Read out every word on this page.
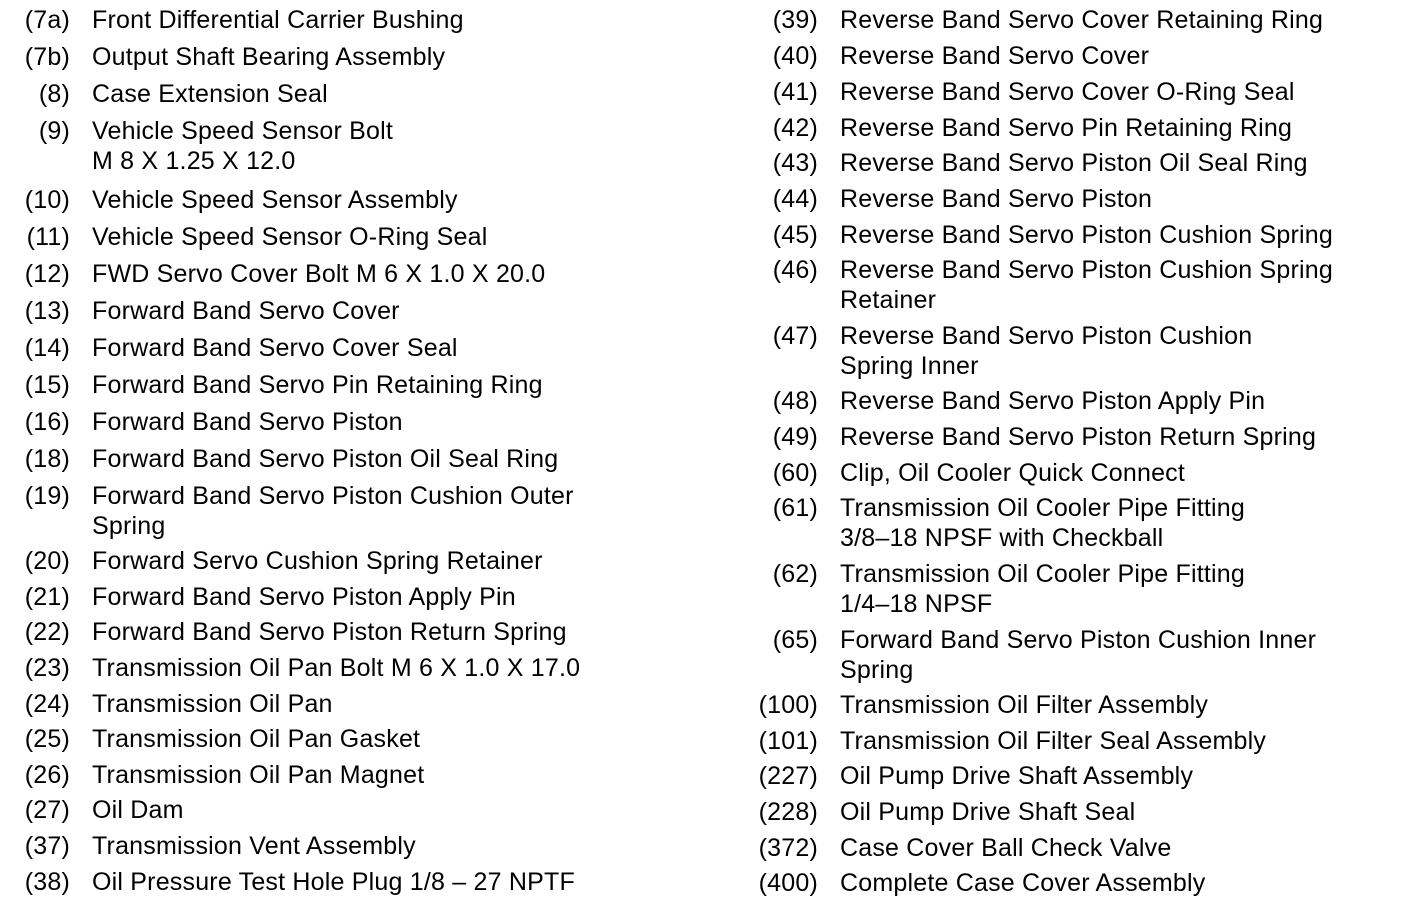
(7a) Front Differential Carrier Bushing
(7b) Output Shaft Bearing Assembly
(8) Case Extension Seal
(9) Vehicle Speed Sensor Bolt
M 8 X 1.25 X 12.0
(10) Vehicle Speed Sensor Assembly
(11) Vehicle Speed Sensor O-Ring Seal
(12) FWD Servo Cover Bolt M 6 X 1.0 X 20.0
(13) Forward Band Servo Cover
(14) Forward Band Servo Cover Seal
(15) Forward Band Servo Pin Retaining Ring
(16) Forward Band Servo Piston
(18) Forward Band Servo Piston Oil Seal Ring
(19) Forward Band Servo Piston Cushion Outer
Spring
(20) Forward Servo Cushion Spring Retainer
(21) Forward Band Servo Piston Apply Pin
(22) Forward Band Servo Piston Return Spring
(23) Transmission Oil Pan Bolt M 6 X 1.0 X 17.0
(24) Transmission Oil Pan
(25) Transmission Oil Pan Gasket
(26) Transmission Oil Pan Magnet
(27) Oil Dam
(37) Transmission Vent Assembly
(38) Oil Pressure Test Hole Plug 1/8 – 27 NPTF
(39) Reverse Band Servo Cover Retaining Ring
(40) Reverse Band Servo Cover
(41) Reverse Band Servo Cover O-Ring Seal
(42) Reverse Band Servo Pin Retaining Ring
(43) Reverse Band Servo Piston Oil Seal Ring
(44) Reverse Band Servo Piston
(45) Reverse Band Servo Piston Cushion Spring
(46) Reverse Band Servo Piston Cushion Spring
Retainer
(47) Reverse Band Servo Piston Cushion
Spring Inner
(48) Reverse Band Servo Piston Apply Pin
(49) Reverse Band Servo Piston Return Spring
(60) Clip, Oil Cooler Quick Connect
(61) Transmission Oil Cooler Pipe Fitting
3/8–18 NPSF with Checkball
(62) Transmission Oil Cooler Pipe Fitting
1/4–18 NPSF
(65) Forward Band Servo Piston Cushion Inner
Spring
(100) Transmission Oil Filter Assembly
(101) Transmission Oil Filter Seal Assembly
(227) Oil Pump Drive Shaft Assembly
(228) Oil Pump Drive Shaft Seal
(372) Case Cover Ball Check Valve
(400) Complete Case Cover Assembly
